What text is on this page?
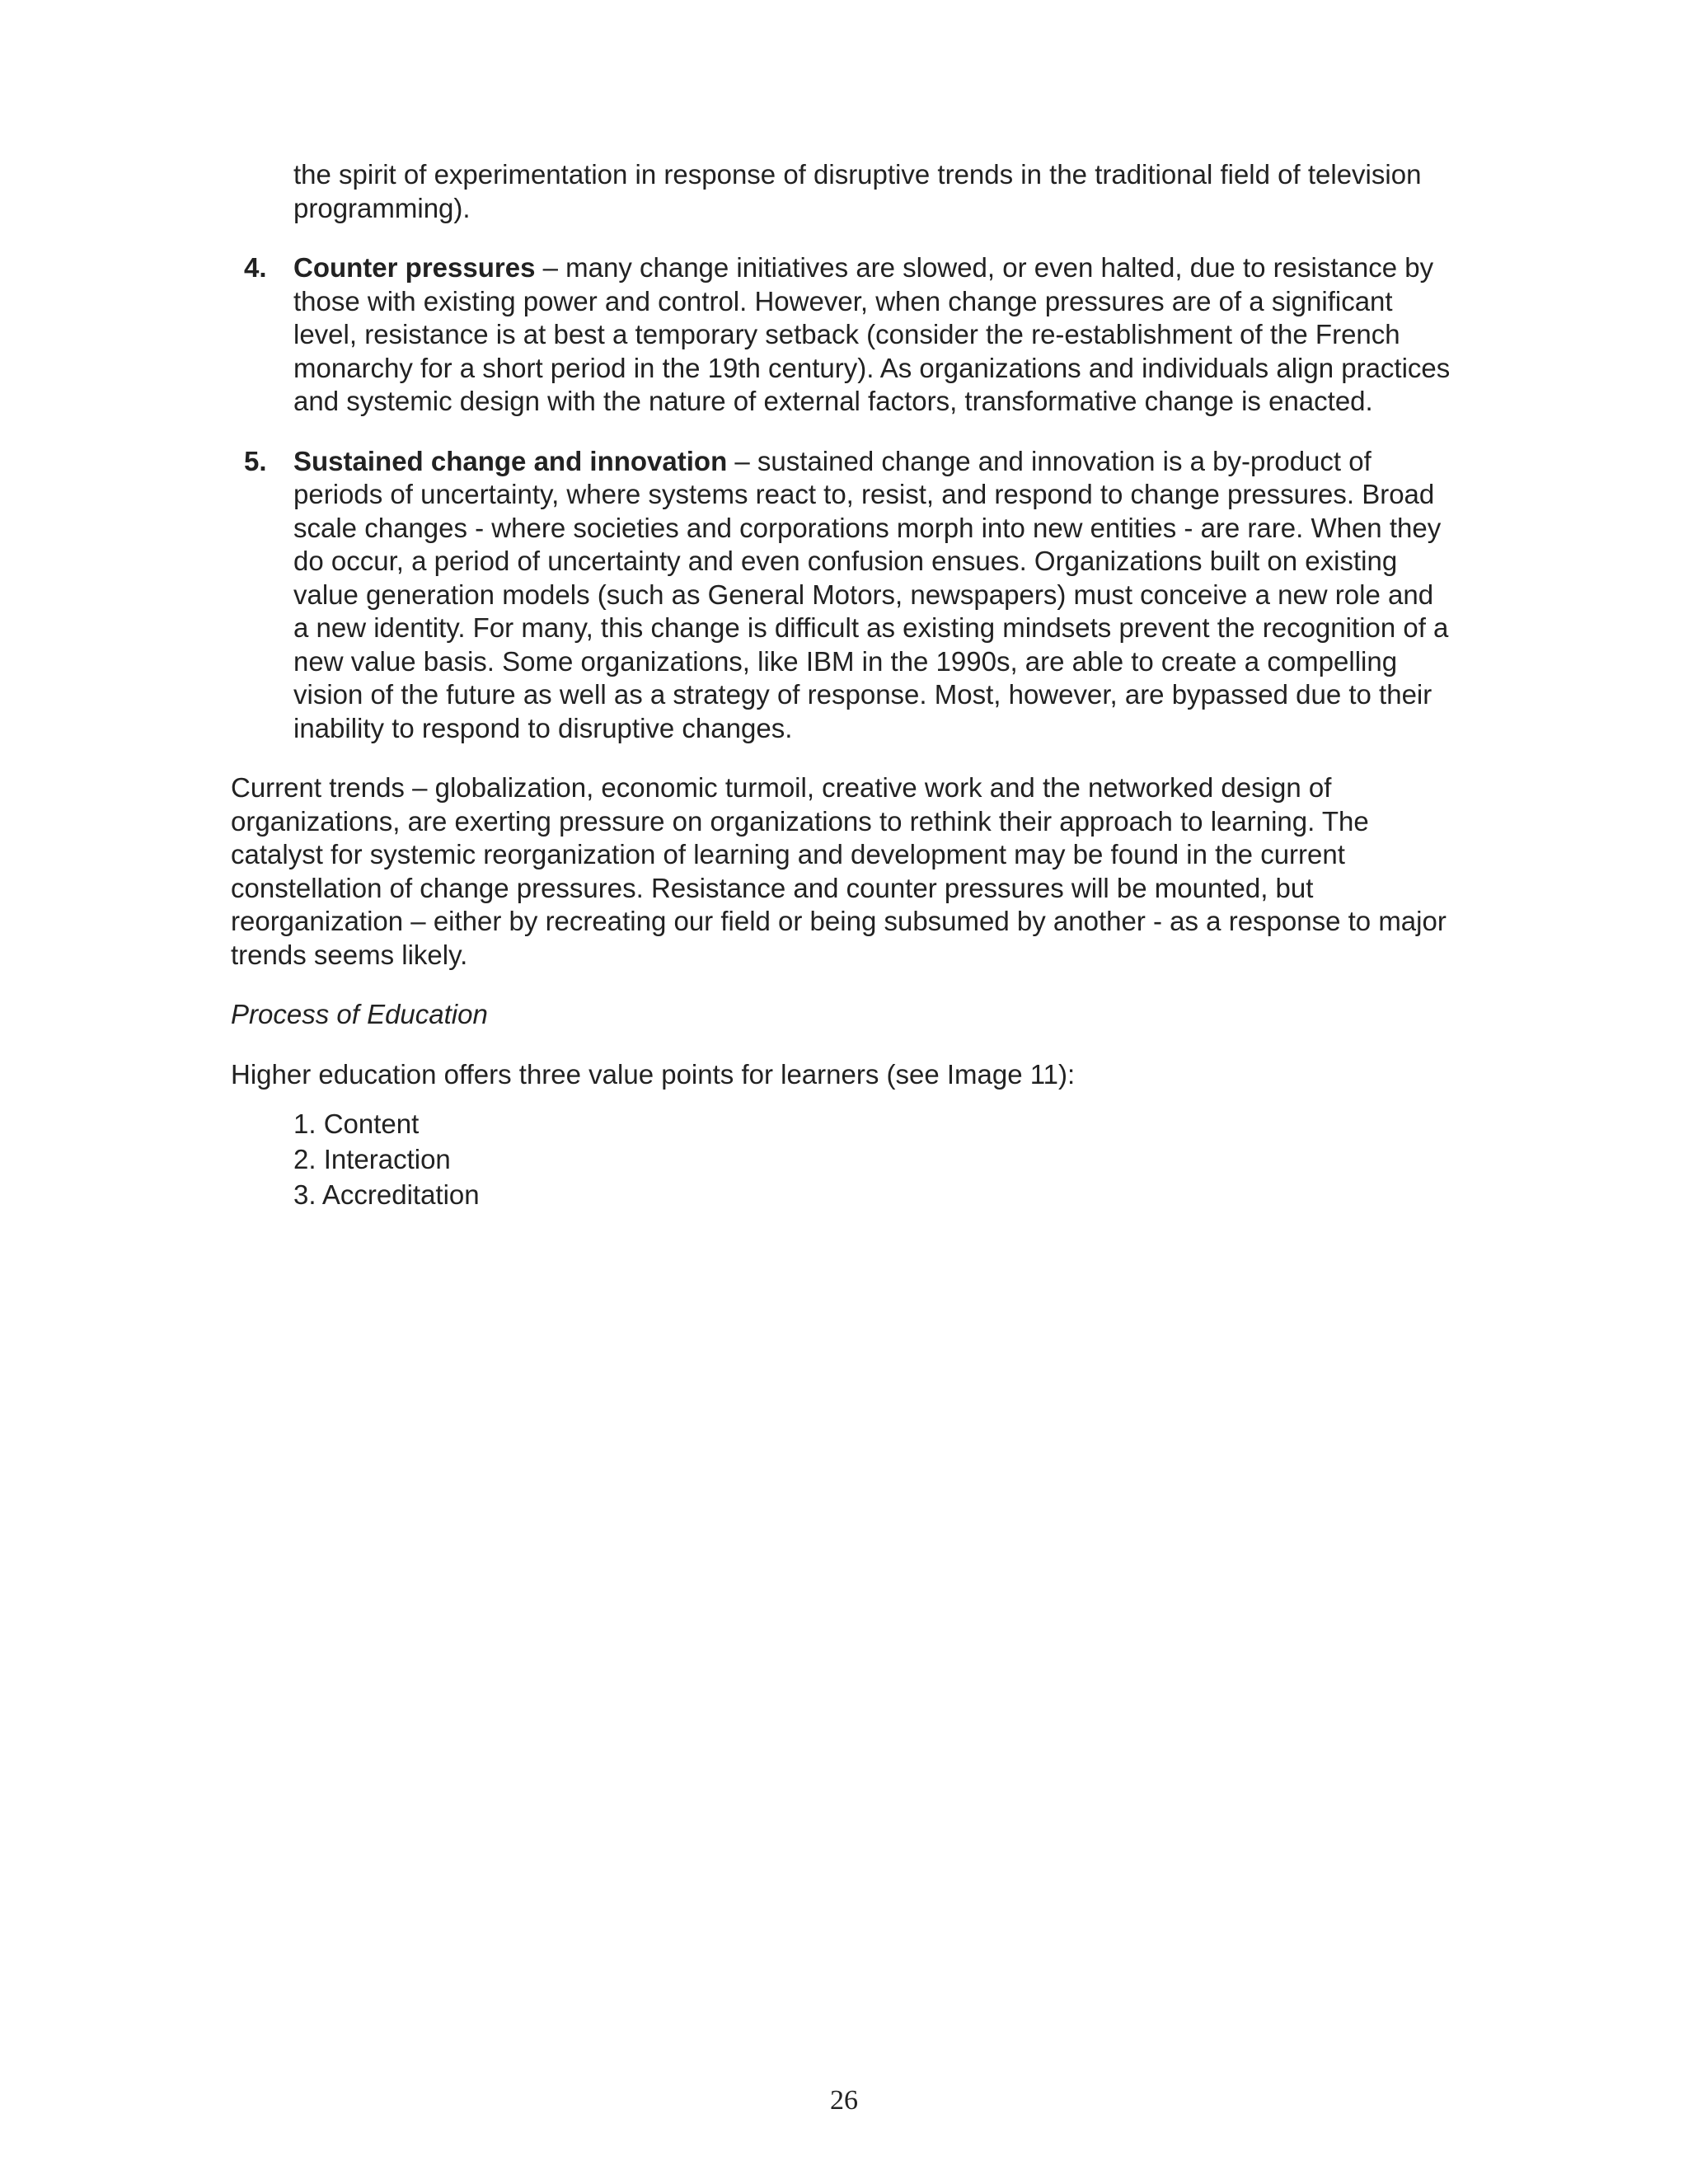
the spirit of experimentation in response of disruptive trends in the traditional field of television programming).

4. Counter pressures – many change initiatives are slowed, or even halted, due to resistance by those with existing power and control. However, when change pressures are of a significant level, resistance is at best a temporary setback (consider the re-establishment of the French monarchy for a short period in the 19th century). As organizations and individuals align practices and systemic design with the nature of external factors, transformative change is enacted.
5. Sustained change and innovation – sustained change and innovation is a by-product of periods of uncertainty, where systems react to, resist, and respond to change pressures. Broad scale changes - where societies and corporations morph into new entities - are rare. When they do occur, a period of uncertainty and even confusion ensues. Organizations built on existing value generation models (such as General Motors, newspapers) must conceive a new role and a new identity. For many, this change is difficult as existing mindsets prevent the recognition of a new value basis. Some organizations, like IBM in the 1990s, are able to create a compelling vision of the future as well as a strategy of response. Most, however, are bypassed due to their inability to respond to disruptive changes.

Current trends – globalization, economic turmoil, creative work and the networked design of organizations, are exerting pressure on organizations to rethink their approach to learning. The catalyst for systemic reorganization of learning and development may be found in the current constellation of change pressures. Resistance and counter pressures will be mounted, but reorganization – either by recreating our field or being subsumed by another - as a response to major trends seems likely.

Process of Education

Higher education offers three value points for learners (see Image 11):

1. Content
2. Interaction
3. Accreditation
26
